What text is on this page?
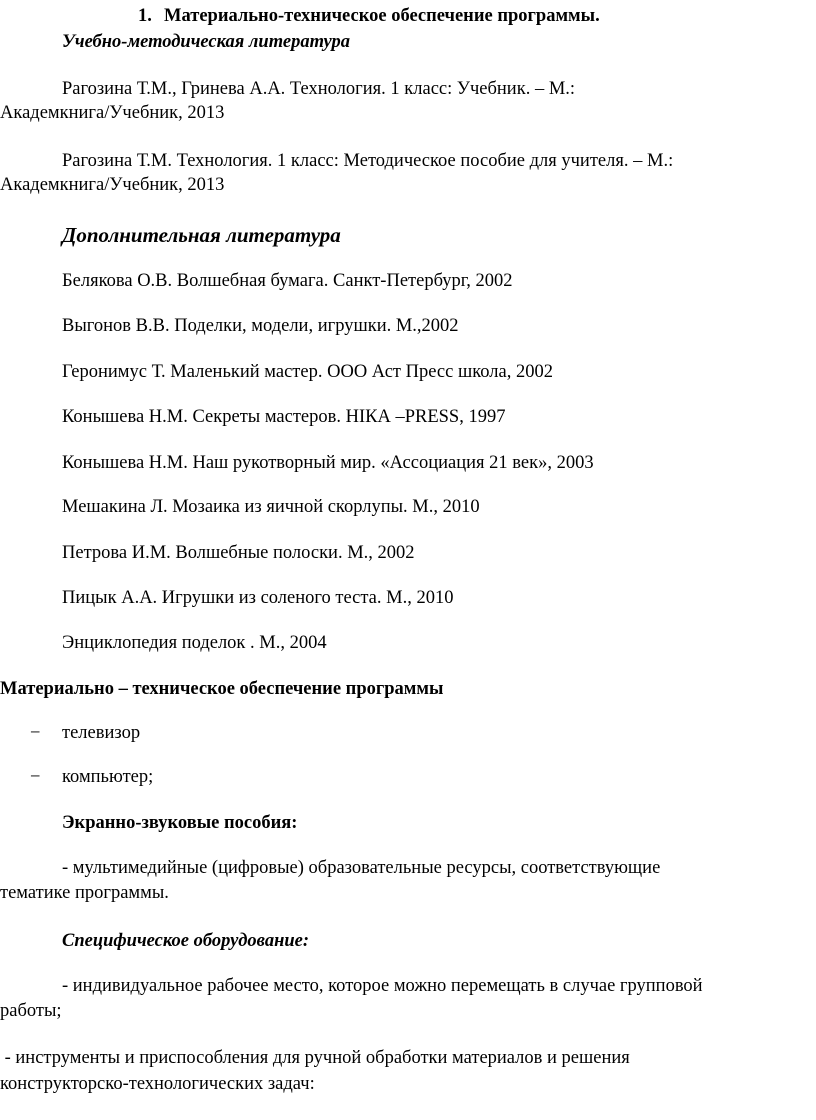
1. Материально-техническое обеспечение программы.
Учебно-методическая литература
Рагозина Т.М., Гринева А.А. Технология. 1 класс: Учебник. – М.:
Академкнига/Учебник, 2013
Рагозина Т.М. Технология. 1 класс: Методическое пособие для учителя. – М.:
Академкнига/Учебник, 2013
Дополнительная литература
Белякова О.В. Волшебная бумага. Санкт-Петербург, 2002
Выгонов В.В. Поделки, модели, игрушки. М.,2002
Геронимус Т. Маленький мастер. ООО Аст Пресс школа, 2002
Конышева Н.М. Секреты мастеров. НIКА –PRESS, 1997
Конышева Н.М. Наш рукотворный мир. «Ассоциация 21 век», 2003
Мешакина Л. Мозаика из яичной скорлупы. М., 2010
Петрова И.М. Волшебные полоски. М., 2002
Пицык А.А. Игрушки из соленого теста. М., 2010
Энциклопедия поделок . М., 2004
Материально – техническое обеспечение программы
− телевизор
− компьютер;
Экранно-звуковые пособия:
- мультимедийные (цифровые) образовательные ресурсы, соответствующие
тематике программы.
Специфическое оборудование:
- индивидуальное рабочее место, которое можно перемещать в случае групповой
работы;
- инструменты и приспособления для ручной обработки материалов и решения
конструкторско-технологических задач:
